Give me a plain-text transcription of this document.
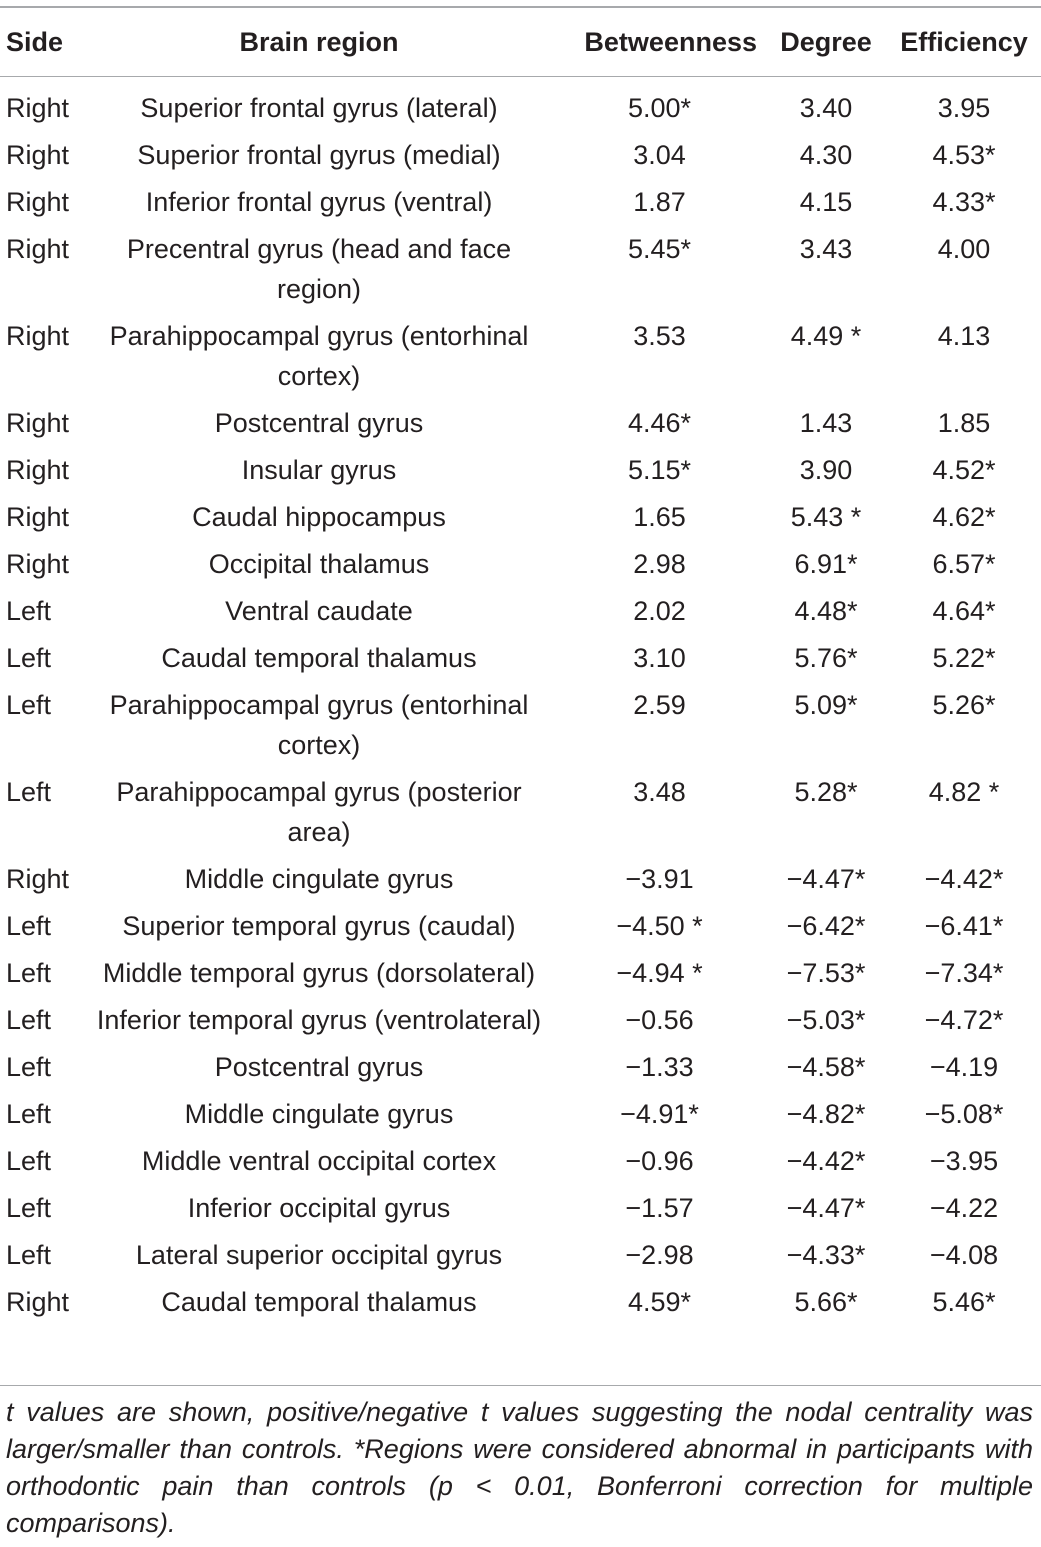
Side	Brain region	Betweenness	Degree	Efficiency
Right	Superior frontal gyrus (lateral)	5.00*	3.40	3.95
Right	Superior frontal gyrus (medial)	3.04	4.30	4.53*
Right	Inferior frontal gyrus (ventral)	1.87	4.15	4.33*
Right	Precentral gyrus (head and face region)	5.45*	3.43	4.00
Right	Parahippocampal gyrus (entorhinal cortex)	3.53	4.49 *	4.13
Right	Postcentral gyrus	4.46*	1.43	1.85
Right	Insular gyrus	5.15*	3.90	4.52*
Right	Caudal hippocampus	1.65	5.43 *	4.62*
Right	Occipital thalamus	2.98	6.91*	6.57*
Left	Ventral caudate	2.02	4.48*	4.64*
Left	Caudal temporal thalamus	3.10	5.76*	5.22*
Left	Parahippocampal gyrus (entorhinal cortex)	2.59	5.09*	5.26*
Left	Parahippocampal gyrus (posterior area)	3.48	5.28*	4.82 *
Right	Middle cingulate gyrus	−3.91	−4.47*	−4.42*
Left	Superior temporal gyrus (caudal)	−4.50 *	−6.42*	−6.41*
Left	Middle temporal gyrus (dorsolateral)	−4.94 *	−7.53*	−7.34*
Left	Inferior temporal gyrus (ventrolateral)	−0.56	−5.03*	−4.72*
Left	Postcentral gyrus	−1.33	−4.58*	−4.19
Left	Middle cingulate gyrus	−4.91*	−4.82*	−5.08*
Left	Middle ventral occipital cortex	−0.96	−4.42*	−3.95
Left	Inferior occipital gyrus	−1.57	−4.47*	−4.22
Left	Lateral superior occipital gyrus	−2.98	−4.33*	−4.08
Right	Caudal temporal thalamus	4.59*	5.66*	5.46*

t values are shown, positive/negative t values suggesting the nodal centrality was larger/smaller than controls. *Regions were considered abnormal in participants with orthodontic pain than controls (p < 0.01, Bonferroni correction for multiple comparisons).
